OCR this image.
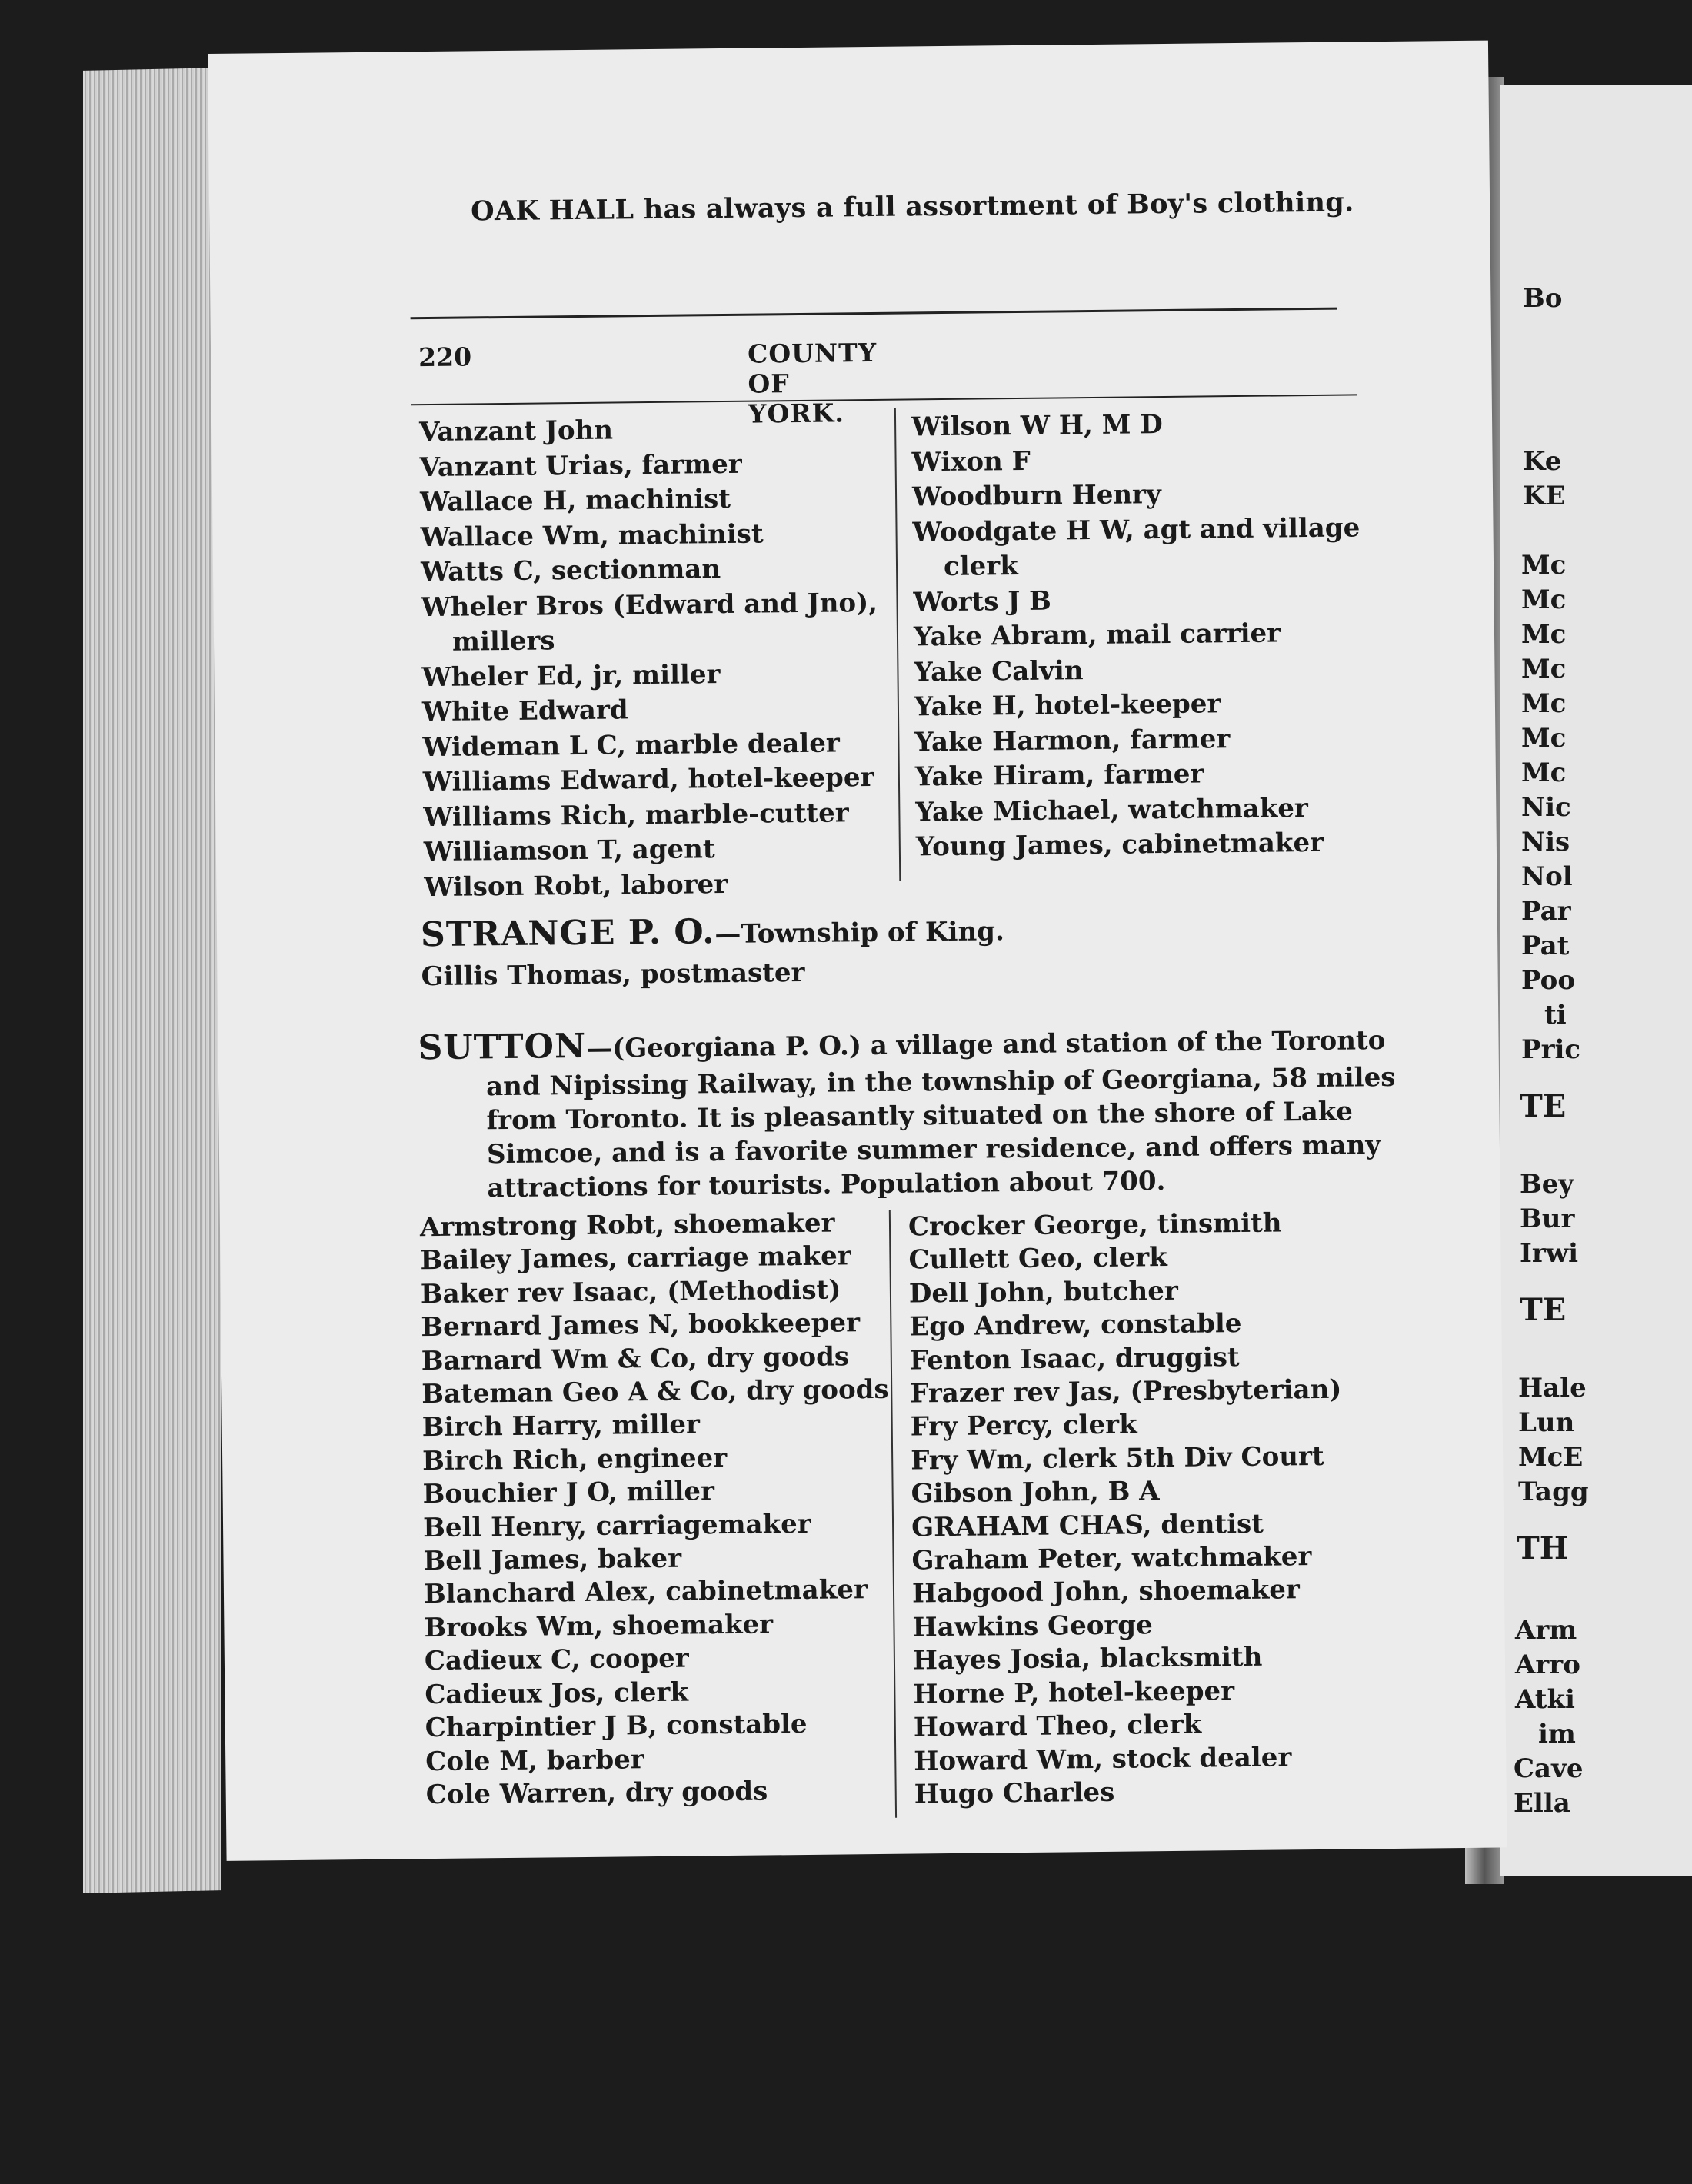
Bo
Ke
KE
Mc
Mc
Mc
Mc
Mc
Mc
Mc
Nic
Nis
Nol
Par
Pat
Poo
ti
Pric
TE
Bey
Bur
Irwi
TE
Hale
Lun
McE
Tagg
TH
Arm
Arro
Atki
im
Cave
Ella
OAK HALL has always a full assortment of Boy's clothing.
220	COUNTY OF YORK.
Vanzant John
Vanzant Urias, farmer
Wallace H, machinist
Wallace Wm, machinist
Watts C, sectionman
Wheler Bros (Edward and Jno),
millers
Wheler Ed, jr, miller
White Edward
Wideman L C, marble dealer
Williams Edward, hotel-keeper
Williams Rich, marble-cutter
Williamson T, agent
Wilson Robt, laborer
Wilson W H, M D
Wixon F
Woodburn Henry
Woodgate H W, agt and village
clerk
Worts J B
Yake Abram, mail carrier
Yake Calvin
Yake H, hotel-keeper
Yake Harmon, farmer
Yake Hiram, farmer
Yake Michael, watchmaker
Young James, cabinetmaker
STRANGE P. O.—Township of King.
Gillis Thomas, postmaster
SUTTON—(Georgiana P. O.) a village and station of the Toronto
and Nipissing Railway, in the township of Georgiana, 58 miles
from Toronto. It is pleasantly situated on the shore of Lake
Simcoe, and is a favorite summer residence, and offers many
attractions for tourists. Population about 700.
Armstrong Robt, shoemaker
Bailey James, carriage maker
Baker rev Isaac, (Methodist)
Bernard James N, bookkeeper
Barnard Wm & Co, dry goods
Bateman Geo A & Co, dry goods
Birch Harry, miller
Birch Rich, engineer
Bouchier J O, miller
Bell Henry, carriagemaker
Bell James, baker
Blanchard Alex, cabinetmaker
Brooks Wm, shoemaker
Cadieux C, cooper
Cadieux Jos, clerk
Charpintier J B, constable
Cole M, barber
Cole Warren, dry goods
Crocker George, tinsmith
Cullett Geo, clerk
Dell John, butcher
Ego Andrew, constable
Fenton Isaac, druggist
Frazer rev Jas, (Presbyterian)
Fry Percy, clerk
Fry Wm, clerk 5th Div Court
Gibson John, B A
GRAHAM CHAS, dentist
Graham Peter, watchmaker
Habgood John, shoemaker
Hawkins George
Hayes Josia, blacksmith
Horne P, hotel-keeper
Howard Theo, clerk
Howard Wm, stock dealer
Hugo Charles
